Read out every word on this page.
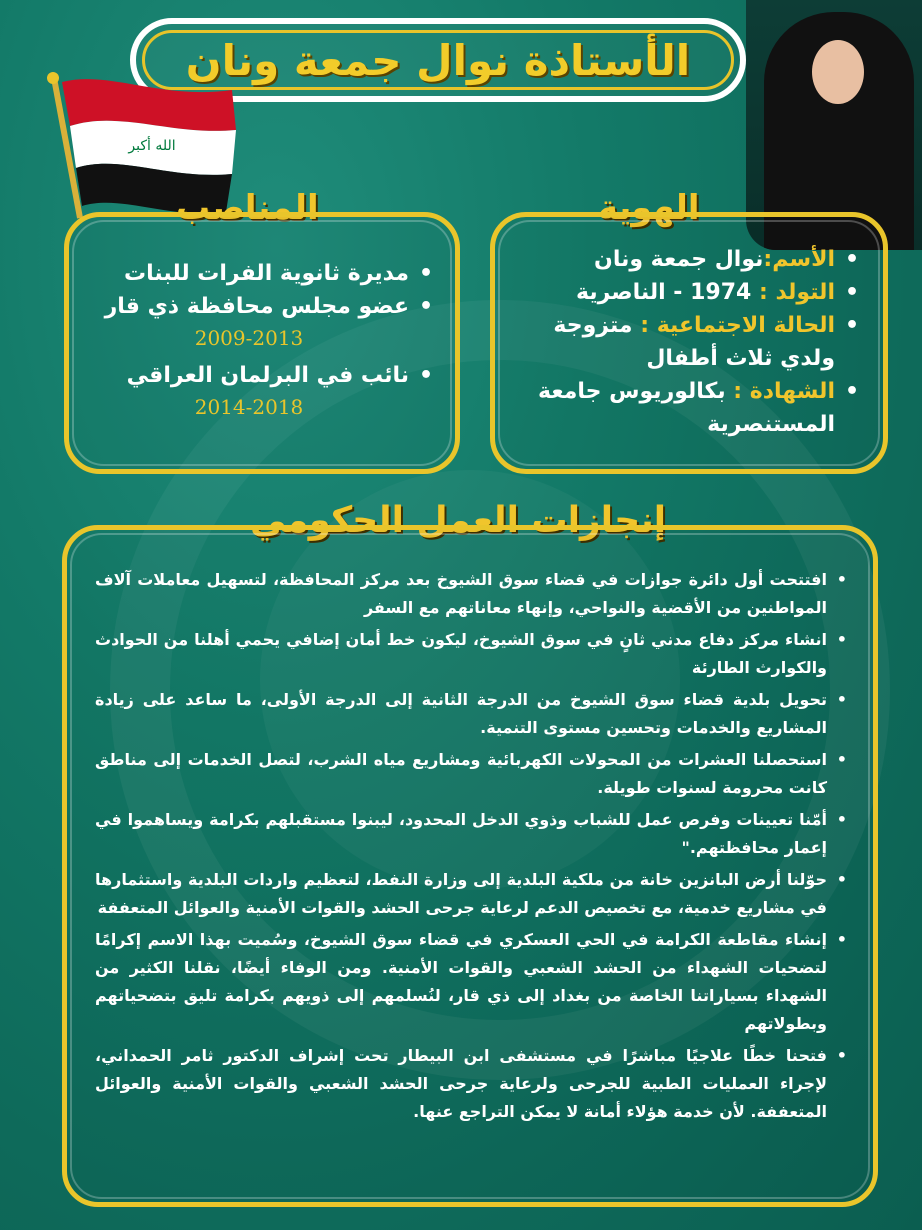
الأستاذة نوال جمعة ونان
الله أكبر
الهوية
المناصب
• الأسم:نوال جمعة ونان
• التولد : 1974 - الناصرية
• الحالة الاجتماعية : متزوجة ولدي ثلاث أطفال
• الشهادة : بكالوريوس جامعة المستنصرية
• مديرة ثانوية الفرات للبنات
• عضو مجلس محافظة ذي قار
2009-2013
• نائب في البرلمان العراقي
2014-2018
إنجازات العمل الحكومي
• افتتحت أول دائرة جوازات في قضاء سوق الشيوخ بعد مركز المحافظة، لتسهيل معاملات آلاف المواطنين من الأقضية والنواحي، وإنهاء معاناتهم مع السفر
• انشاء مركز دفاع مدني ثانٍ في سوق الشيوخ، ليكون خط أمان إضافي يحمي أهلنا من الحوادث والكوارث الطارئة
• تحويل بلدية قضاء سوق الشيوخ من الدرجة الثانية إلى الدرجة الأولى، ما ساعد على زيادة المشاريع والخدمات وتحسين مستوى التنمية.
• استحصلنا العشرات من المحولات الكهربائية ومشاريع مياه الشرب، لتصل الخدمات إلى مناطق كانت محرومة لسنوات طويلة.
• أمّنا تعيينات وفرص عمل للشباب وذوي الدخل المحدود، ليبنوا مستقبلهم بكرامة ويساهموا في إعمار محافظتهم."
• حوّلنا أرض البانزين خانة من ملكية البلدية إلى وزارة النفط، لتعظيم واردات البلدية واستثمارها في مشاريع خدمية، مع تخصيص الدعم لرعاية جرحى الحشد والقوات الأمنية والعوائل المتعففة
• إنشاء مقاطعة الكرامة في الحي العسكري في قضاء سوق الشيوخ، وسُميت بهذا الاسم إكرامًا لتضحيات الشهداء من الحشد الشعبي والقوات الأمنية. ومن الوفاء أيضًا، نقلنا الكثير من الشهداء بسياراتنا الخاصة من بغداد إلى ذي قار، لنُسلمهم إلى ذويهم بكرامة تليق بتضحياتهم وبطولاتهم
• فتحنا خطًا علاجيًا مباشرًا في مستشفى ابن البيطار تحت إشراف الدكتور ثامر الحمداني، لإجراء العمليات الطبية للجرحى ولرعاية جرحى الحشد الشعبي والقوات الأمنية والعوائل المتعففة. لأن خدمة هؤلاء أمانة لا يمكن التراجع عنها.
